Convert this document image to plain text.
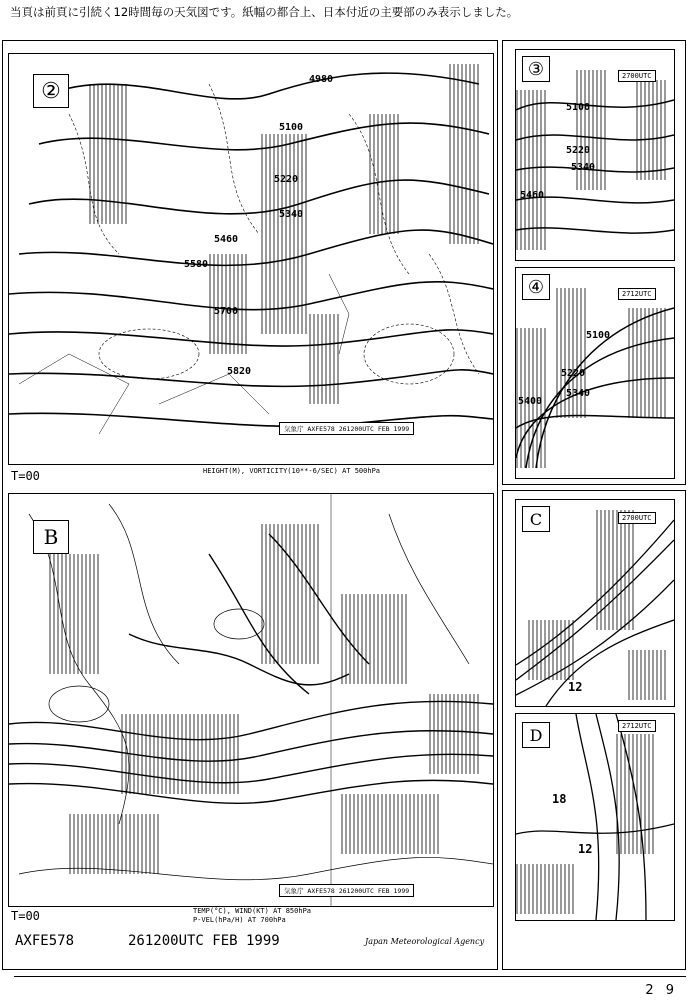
当頁は前頁に引続く12時間毎の天気図です。紙幅の都合上、日本付近の主要部のみ表示しました。
②	4980
5100
5220
5340
5460
5580
5700
5820
気象庁 AXFE578 261200UTC FEB 1999
T=00	HEIGHT(M), VORTICITY(10**-6/SEC) AT 500hPa
B
気象庁 AXFE578 261200UTC FEB 1999
T=00	TEMP(°C), WIND(KT) AT 850hPa
P-VEL(hPa/H) AT 700hPa
AXFE578	261200UTC FEB 1999	Japan Meteorological Agency
③	2700UTC
5100
5220
5340
5460
④	2712UTC
5100
5220
5340
5400
C	2700UTC
12
D	2712UTC
18
12
2 9
